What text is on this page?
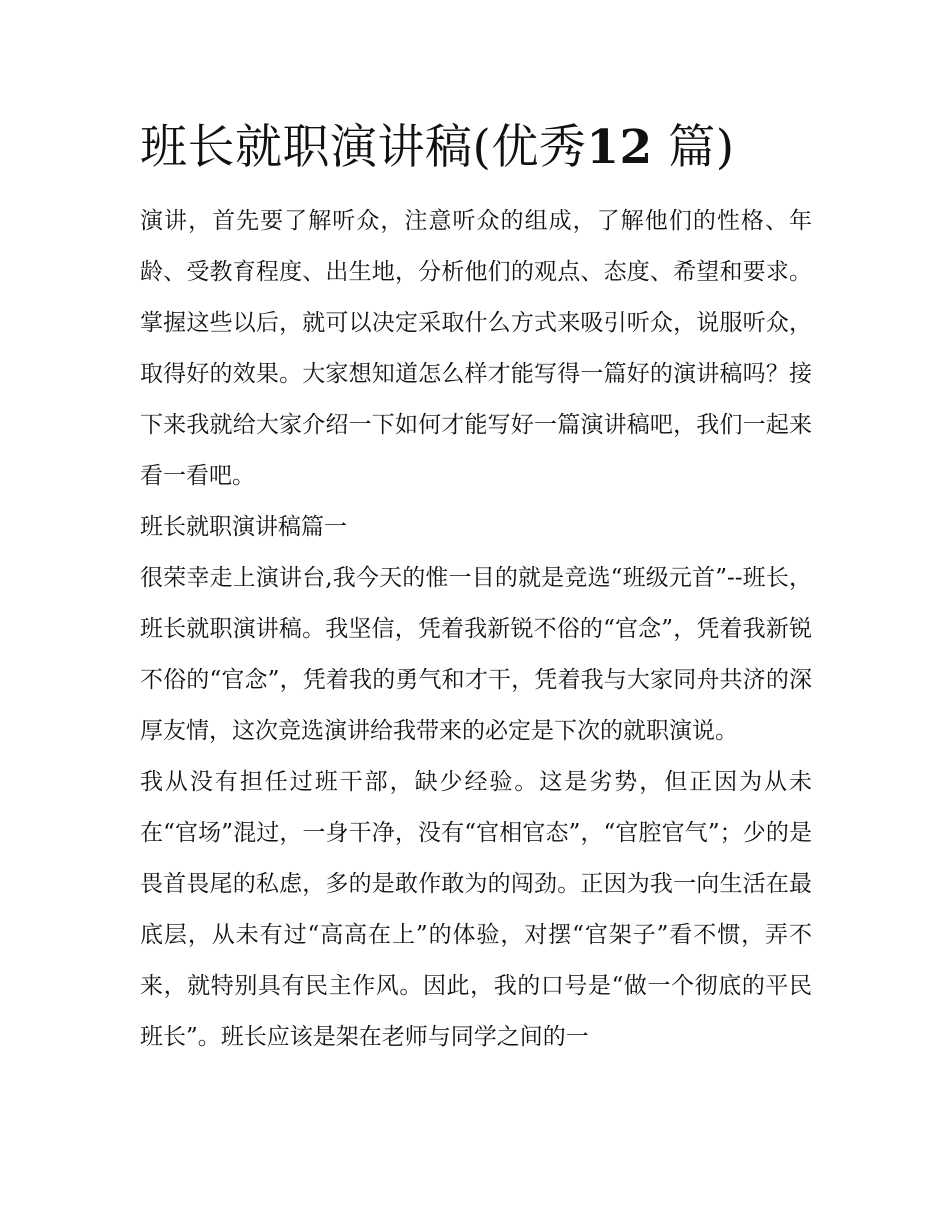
班长就职演讲稿(优秀12 篇)

演讲，首先要了解听众，注意听众的组成，了解他们的性格、年龄、受教育程度、出生地，分析他们的观点、态度、希望和要求。掌握这些以后，就可以决定采取什么方式来吸引听众，说服听众，取得好的效果。大家想知道怎么样才能写得一篇好的演讲稿吗？接下来我就给大家介绍一下如何才能写好一篇演讲稿吧，我们一起来看一看吧。

班长就职演讲稿篇一

很荣幸走上演讲台,我今天的惟一目的就是竞选“班级元首”--班长，班长就职演讲稿。我坚信，凭着我新锐不俗的“官念”，凭着我新锐不俗的“官念”，凭着我的勇气和才干，凭着我与大家同舟共济的深厚友情，这次竞选演讲给我带来的必定是下次的就职演说。

我从没有担任过班干部，缺少经验。这是劣势，但正因为从未在“官场”混过，一身干净，没有“官相官态”，“官腔官气”；少的是畏首畏尾的私虑，多的是敢作敢为的闯劲。正因为我一向生活在最底层，从未有过“高高在上”的体验，对摆“官架子”看不惯，弄不来，就特别具有民主作风。因此，我的口号是“做一个彻底的平民班长”。班长应该是架在老师与同学之间的一
